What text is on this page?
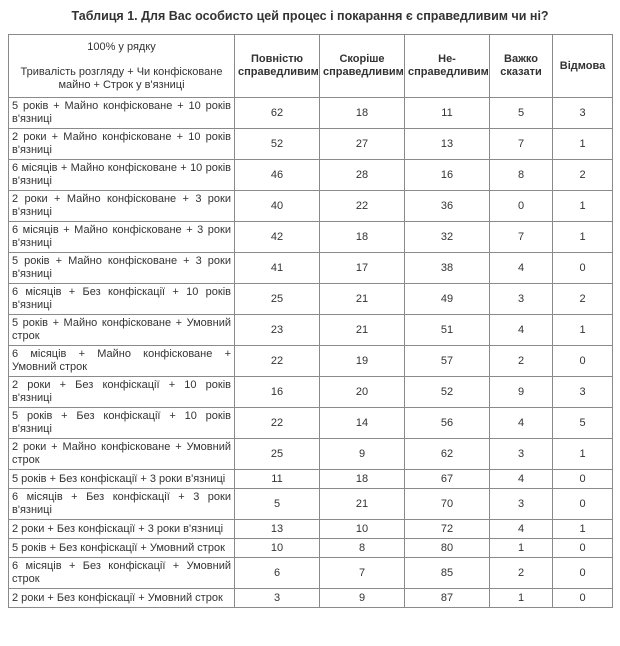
Таблиця 1. Для Вас особисто цей процес і покарання є справедливим чи ні?
100% у рядку
Тривалість розгляду + Чи конфісковане майно + Строк у в'язниці	Повністю справедливим	Скоріше справедливим	Не-справедливим	Важко сказати	Відмова
5 років + Майно конфісковане + 10 років в'язниці	62	18	11	5	3
2 роки + Майно конфісковане + 10 років в'язниці	52	27	13	7	1
6 місяців + Майно конфісковане + 10 років в'язниці	46	28	16	8	2
2 роки + Майно конфісковане + 3 роки в'язниці	40	22	36	0	1
6 місяців + Майно конфісковане + 3 роки в'язниці	42	18	32	7	1
5 років + Майно конфісковане + 3 роки в'язниці	41	17	38	4	0
6 місяців + Без конфіскації + 10 років в'язниці	25	21	49	3	2
5 років + Майно конфісковане + Умовний строк	23	21	51	4	1
6 місяців + Майно конфісковане + Умовний строк	22	19	57	2	0
2 роки + Без конфіскації + 10 років в'язниці	16	20	52	9	3
5 років + Без конфіскації + 10 років в'язниці	22	14	56	4	5
2 роки + Майно конфісковане + Умовний строк	25	9	62	3	1
5 років + Без конфіскації + 3 роки в'язниці	11	18	67	4	0
6 місяців + Без конфіскації + 3 роки в'язниці	5	21	70	3	0
2 роки + Без конфіскації + 3 роки в'язниці	13	10	72	4	1
5 років + Без конфіскації + Умовний строк	10	8	80	1	0
6 місяців + Без конфіскації + Умовний строк	6	7	85	2	0
2 роки + Без конфіскації + Умовний строк	3	9	87	1	0
